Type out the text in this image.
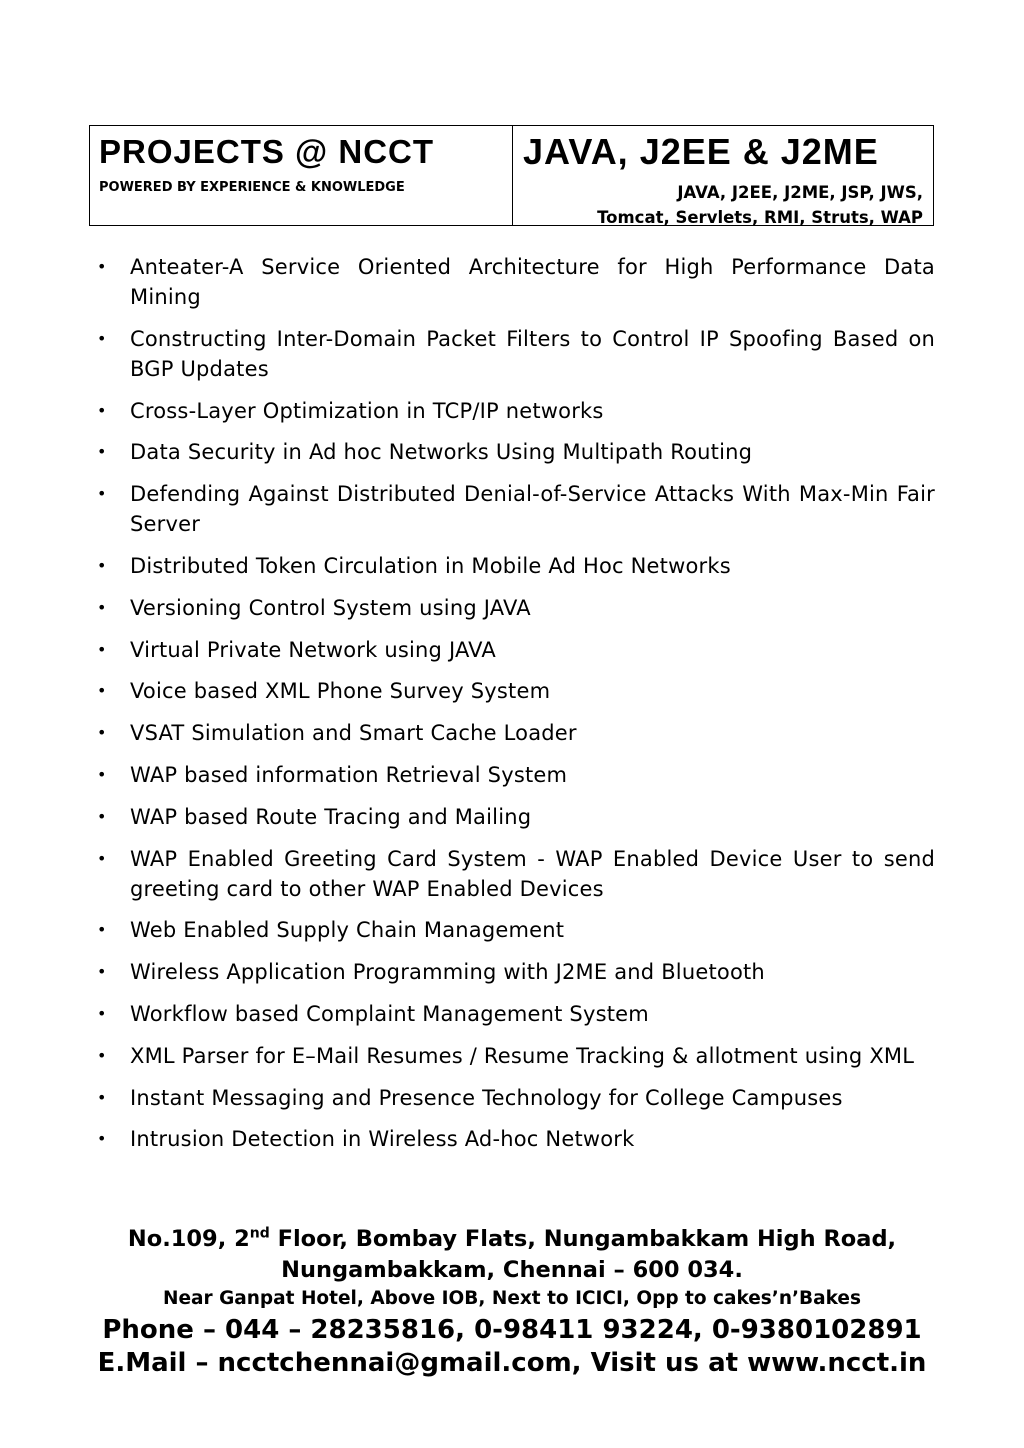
PROJECTS @ NCCT
POWERED BY EXPERIENCE & KNOWLEDGE
JAVA, J2EE & J2ME
JAVA, J2EE, J2ME, JSP, JWS,
Tomcat, Servlets, RMI, Struts, WAP
• Anteater-A Service Oriented Architecture for High Performance Data Mining
• Constructing Inter-Domain Packet Filters to Control IP Spoofing Based on BGP Updates
• Cross-Layer Optimization in TCP/IP networks
• Data Security in Ad hoc Networks Using Multipath Routing
• Defending Against Distributed Denial-of-Service Attacks With Max-Min Fair Server
• Distributed Token Circulation in Mobile Ad Hoc Networks
• Versioning Control System using JAVA
• Virtual Private Network using JAVA
• Voice based XML Phone Survey System
• VSAT Simulation and Smart Cache Loader
• WAP based information Retrieval System
• WAP based Route Tracing and Mailing
• WAP Enabled Greeting Card System - WAP Enabled Device User to send greeting card to other WAP Enabled Devices
• Web Enabled Supply Chain Management
• Wireless Application Programming with J2ME and Bluetooth
• Workflow based Complaint Management System
• XML Parser for E–Mail Resumes / Resume Tracking & allotment using XML
• Instant Messaging and Presence Technology for College Campuses
• Intrusion Detection in Wireless Ad-hoc Network
No.109, 2nd Floor, Bombay Flats, Nungambakkam High Road,
Nungambakkam, Chennai – 600 034.
Near Ganpat Hotel, Above IOB, Next to ICICI, Opp to cakes’n’Bakes
Phone – 044 – 28235816, 0-98411 93224, 0-9380102891
E.Mail – ncctchennai@gmail.com, Visit us at www.ncct.in
